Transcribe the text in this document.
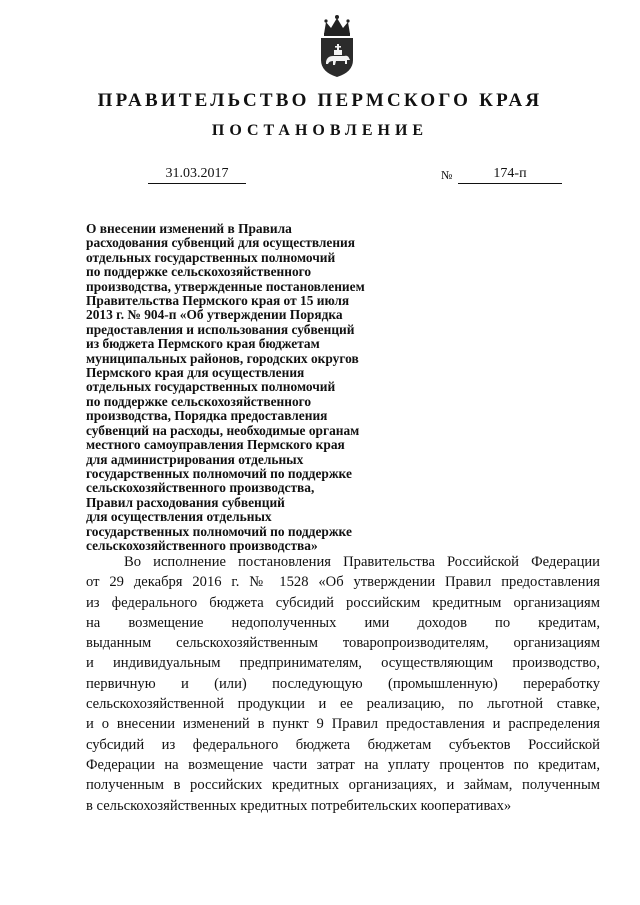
ПРАВИТЕЛЬСТВО ПЕРМСКОГО КРАЯ
ПОСТАНОВЛЕНИЕ
31.03.2017	№	174-п
О внесении изменений в Правила
расходования субвенций для осуществления
отдельных государственных полномочий
по поддержке сельскохозяйственного
производства, утвержденные постановлением
Правительства Пермского края от 15 июля
2013 г. № 904-п «Об утверждении Порядка
предоставления и использования субвенций
из бюджета Пермского края бюджетам
муниципальных районов, городских округов
Пермского края для осуществления
отдельных государственных полномочий
по поддержке сельскохозяйственного
производства, Порядка предоставления
субвенций на расходы, необходимые органам
местного самоуправления Пермского края
для администрирования отдельных
государственных полномочий по поддержке
сельскохозяйственного производства,
Правил расходования субвенций
для осуществления отдельных
государственных полномочий по поддержке
сельскохозяйственного производства»
Во исполнение постановления Правительства Российской Федерации
от 29 декабря 2016 г. № 1528 «Об утверждении Правил предоставления
из федерального бюджета субсидий российским кредитным организациям
на возмещение недополученных ими доходов по кредитам,
выданным сельскохозяйственным товаропроизводителям, организациям
и индивидуальным предпринимателям, осуществляющим производство,
первичную и (или) последующую (промышленную) переработку
сельскохозяйственной продукции и ее реализацию, по льготной ставке,
и о внесении изменений в пункт 9 Правил предоставления и распределения
субсидий из федерального бюджета бюджетам субъектов Российской
Федерации на возмещение части затрат на уплату процентов по кредитам,
полученным в российских кредитных организациях, и займам, полученным
в сельскохозяйственных кредитных потребительских кооперативах»
